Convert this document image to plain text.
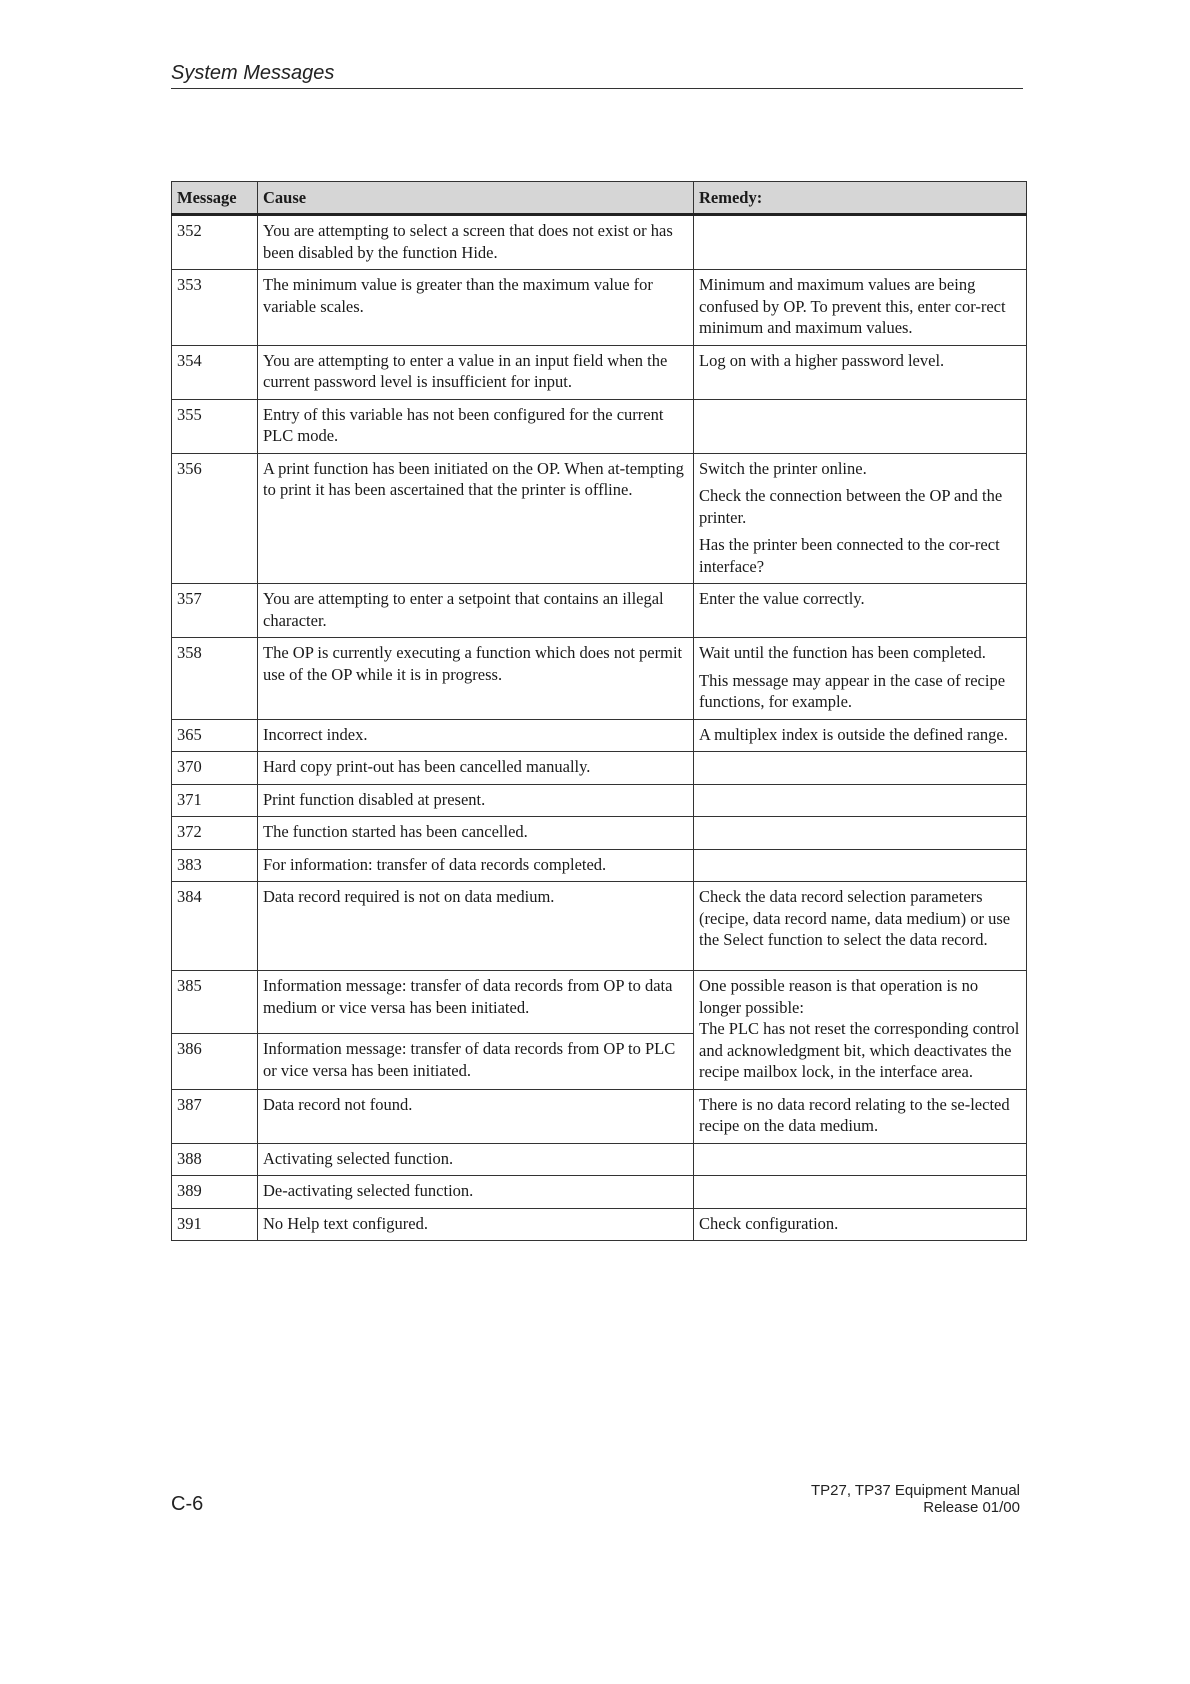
System Messages
Message	Cause	Remedy:
352	You are attempting to select a screen that does not exist or has been disabled by the function Hide.	

353	The minimum value is greater than the maximum value for variable scales.	Minimum and maximum values are being confused by OP. To prevent this, enter cor-rect minimum and maximum values.

354	You are attempting to enter a value in an input field when the current password level is insufficient for input.	Log on with a higher password level.

355	Entry of this variable has not been configured for the current PLC mode.	

356	A print function has been initiated on the OP. When at-tempting to print it has been ascertained that the printer is offline.	Switch the printer online.

Check the connection between the OP and the printer.

Has the printer been connected to the cor-rect interface?

357	You are attempting to enter a setpoint that contains an illegal character.	Enter the value correctly.

358	The OP is currently executing a function which does not permit use of the OP while it is in progress.	Wait until the function has been completed.

This message may appear in the case of recipe functions, for example.

365	Incorrect index.	A multiplex index is outside the defined range.

370	Hard copy print-out has been cancelled manually.	

371	Print function disabled at present.	

372	The function started has been cancelled.	

383	For information: transfer of data records completed.	

384	Data record required is not on data medium.	Check the data record selection parameters (recipe, data record name, data medium) or use the Select function to select the data record.

385	Information message: transfer of data records from OP to data medium or vice versa has been initiated.	One possible reason is that operation is no longer possible:
The PLC has not reset the corresponding control and acknowledgment bit, which deactivates the recipe mailbox lock, in the interface area.

386	Information message: transfer of data records from OP to PLC or vice versa has been initiated.	

387	Data record not found.	There is no data record relating to the se-lected recipe on the data medium.

388	Activating selected function.	

389	De-activating selected function.	

391	No Help text configured.	Check configuration.

C-6
TP27, TP37 Equipment Manual
Release 01/00
